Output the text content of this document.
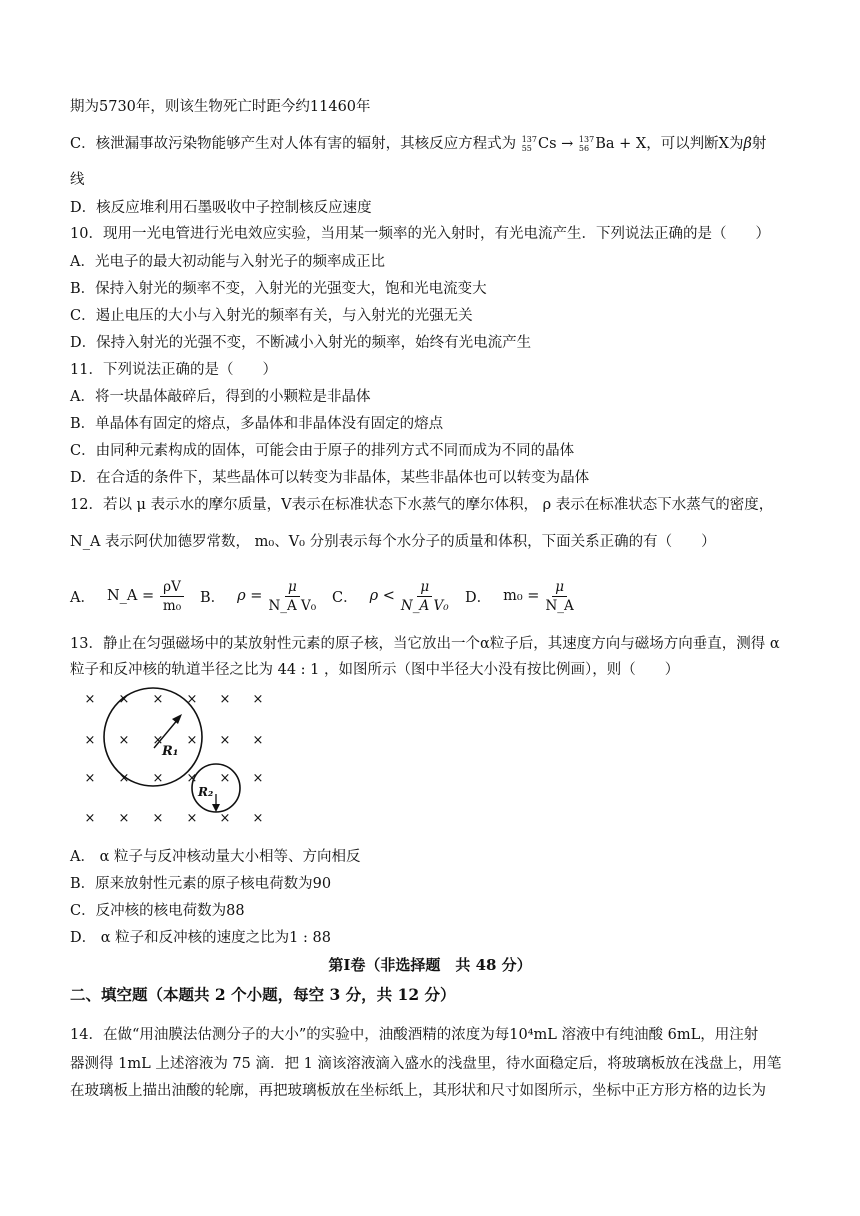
期为5730年，则该生物死亡时距今约11460年
C．核泄漏事故污染物能够产生对人体有害的辐射，其核反应方程式为 137
55 Cs → 137
56 Ba + X，可以判断X为β射
线
D．核反应堆利用石墨吸收中子控制核反应速度
10．现用一光电管进行光电效应实验，当用某一频率的光入射时，有光电流产生．下列说法正确的是（　　）
A．光电子的最大初动能与入射光子的频率成正比
B．保持入射光的频率不变，入射光的光强变大，饱和光电流变大
C．遏止电压的大小与入射光的频率有关，与入射光的光强无关
D．保持入射光的光强不变，不断减小入射光的频率，始终有光电流产生
11．下列说法正确的是（　　）
A．将一块晶体敲碎后，得到的小颗粒是非晶体
B．单晶体有固定的熔点，多晶体和非晶体没有固定的熔点
C．由同种元素构成的固体，可能会由于原子的排列方式不同而成为不同的晶体
D．在合适的条件下，某些晶体可以转变为非晶体，某些非晶体也可以转变为晶体
12．若以 μ 表示水的摩尔质量，V表示在标准状态下水蒸气的摩尔体积， ρ 表示在标准状态下水蒸气的密度，
N_A 表示阿伏加德罗常数， m₀、V₀ 分别表示每个水分子的质量和体积，下面关系正确的有（　　）
A． N_A = $\frac{\rho V}{\text{m₀}}$ B． $\rho = \frac{\mu}{\text{N\_A V₀}}$ C． $\rho < \frac{\mu}{\text{N\_A V₀}}$ D． $m_0 = \frac{\mu}{N\_A}$
13．静止在匀强磁场中的某放射性元素的原子核，当它放出一个α粒子后，其速度方向与磁场方向垂直，测得 α
粒子和反冲核的轨道半径之比为 44 : 1 ，如图所示（图中半径大小没有按比例画），则（　　）
× × × × × ×
× × × × × ×
× × × × × ×
× × × × × ×
R₁
R₂
A． α 粒子与反冲核动量大小相等、方向相反
B．原来放射性元素的原子核电荷数为90
C．反冲核的核电荷数为88
D． α 粒子和反冲核的速度之比为1 : 88
第Ⅰ卷（非选择题　共 48 分）
二、填空题（本题共 2 个小题，每空 3 分，共 12 分）
14．在做“用油膜法估测分子的大小”的实验中，油酸酒精的浓度为每10⁴mL 溶液中有纯油酸 6mL，用注射
器测得 1mL 上述溶液为 75 滴．把 1 滴该溶液滴入盛水的浅盘里，待水面稳定后，将玻璃板放在浅盘上，用笔
在玻璃板上描出油酸的轮廓，再把玻璃板放在坐标纸上，其形状和尺寸如图所示，坐标中正方形方格的边长为
